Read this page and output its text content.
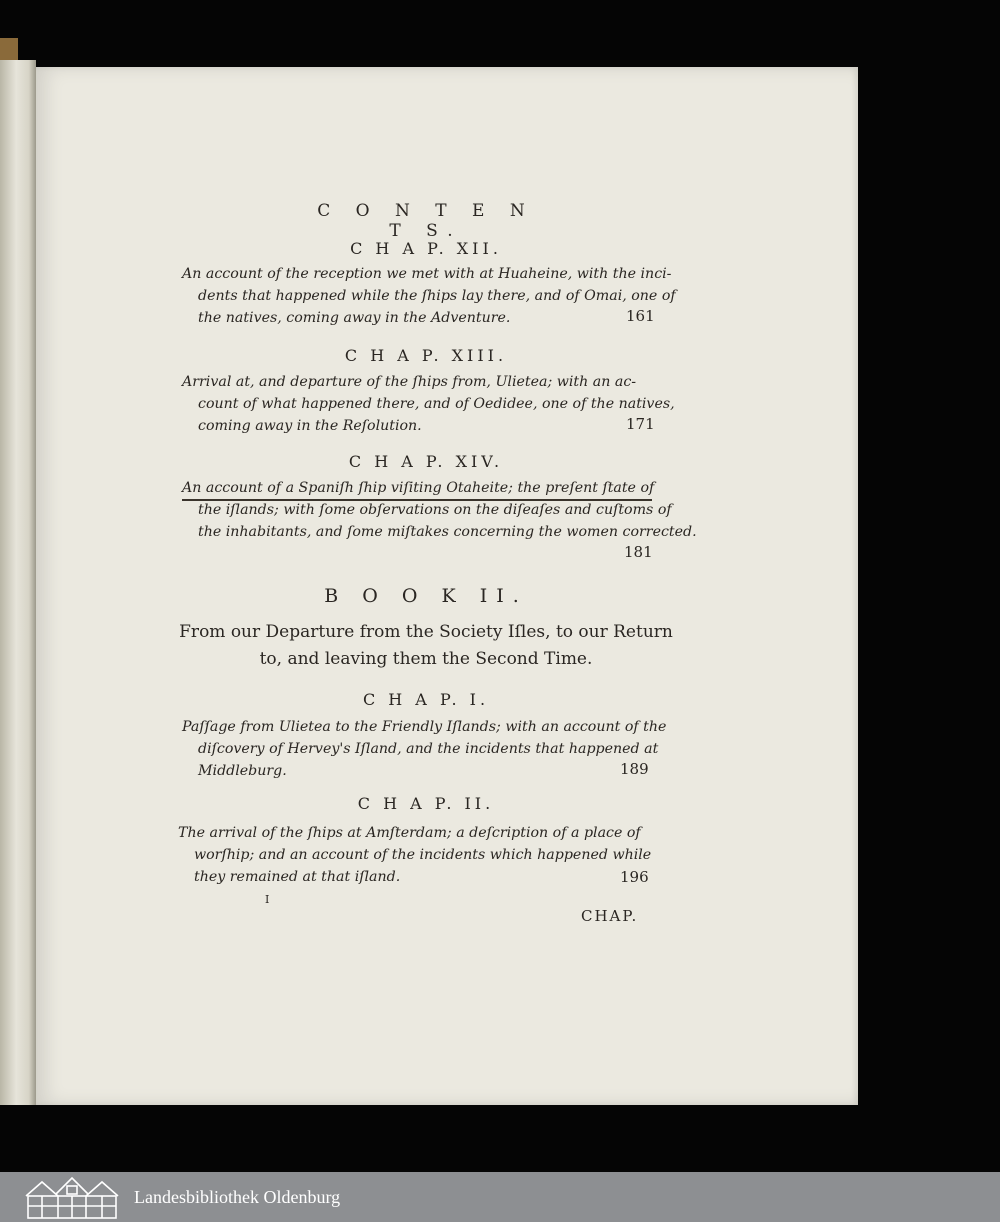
C O N T E N T S.
C H A P. XII.
An account of the reception we met with at Huaheine, with the inci-
dents that happened while the ſhips lay there, and of Omai, one of
the natives, coming away in the Adventure.	161
C H A P. XIII.
Arrival at, and departure of the ſhips from, Ulietea; with an ac-
count of what happened there, and of Oedidee, one of the natives,
coming away in the Reſolution.	171
C H A P. XIV.
An account of a Spaniſh ſhip viſiting Otaheite; the preſent ſtate of
the iſlands; with ſome obſervations on the diſeaſes and cuſtoms of
the inhabitants, and ſome miſtakes concerning the women corrected.
181
B O O K II.
From our Departure from the Society Iſles, to our Return
to, and leaving them the Second Time.
C H A P. I.
Paſſage from Ulietea to the Friendly Iſlands; with an account of the
diſcovery of Hervey's Iſland, and the incidents that happened at
Middleburg.	189
C H A P. II.
The arrival of the ſhips at Amſterdam; a deſcription of a place of
worſhip; and an account of the incidents which happened while
they remained at that iſland.	196
I
CHAP.
Landesbibliothek Oldenburg
